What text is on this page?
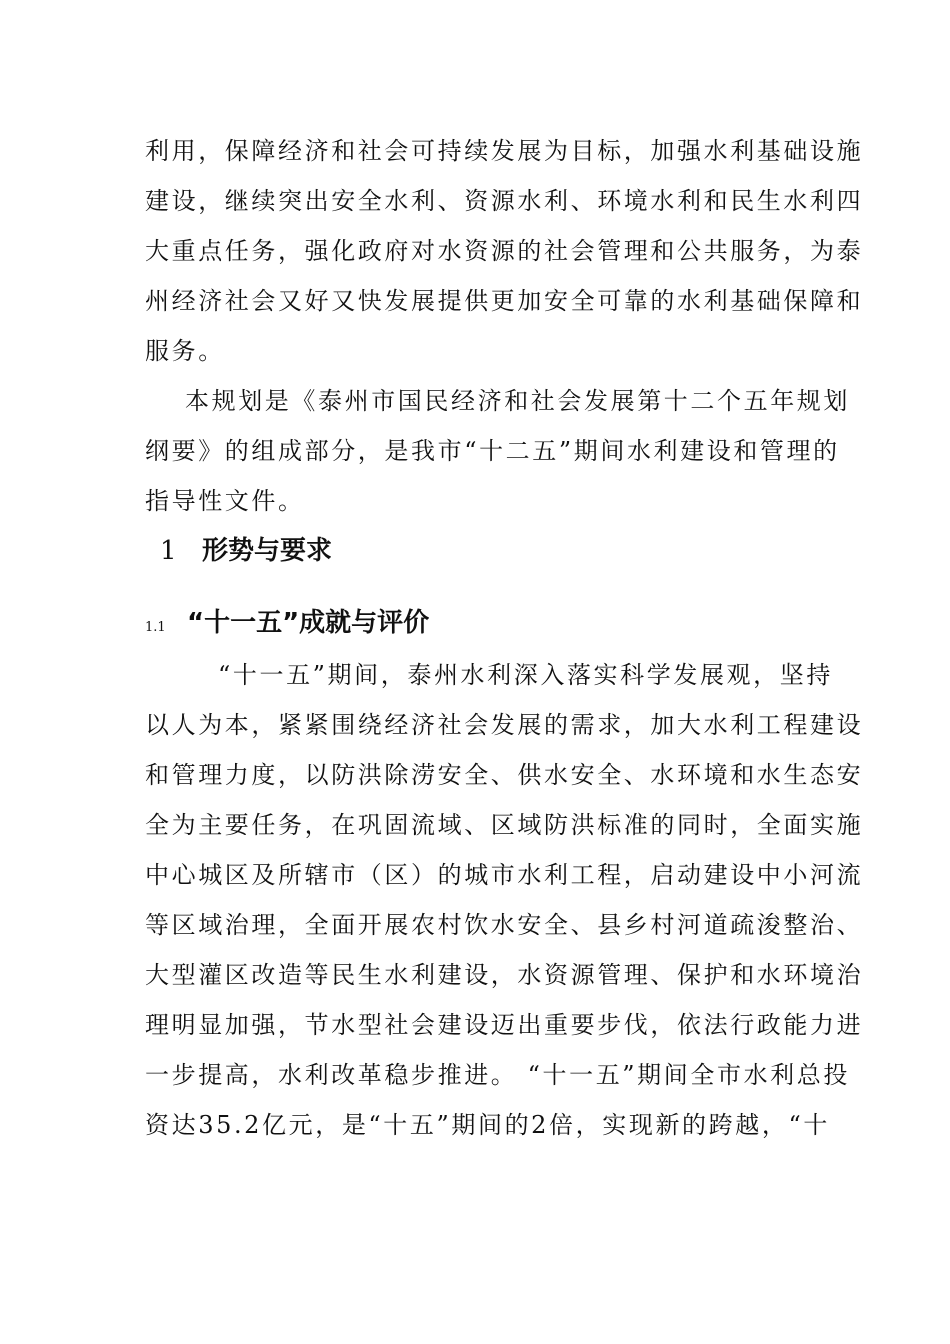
利用，保障经济和社会可持续发展为目标，加强水利基础设施
建设，继续突出安全水利、资源水利、环境水利和民生水利四
大重点任务，强化政府对水资源的社会管理和公共服务，为泰
州经济社会又好又快发展提供更加安全可靠的水利基础保障和
服务。
本规划是《泰州市国民经济和社会发展第十二个五年规划
纲要》的组成部分，是我市“十二五”期间水利建设和管理的
指导性文件。
1 形势与要求
1.1 “十一五”成就与评价
“十一五”期间，泰州水利深入落实科学发展观，坚持
以人为本，紧紧围绕经济社会发展的需求，加大水利工程建设
和管理力度，以防洪除涝安全、供水安全、水环境和水生态安
全为主要任务，在巩固流域、区域防洪标准的同时，全面实施
中心城区及所辖市（区）的城市水利工程，启动建设中小河流
等区域治理，全面开展农村饮水安全、县乡村河道疏浚整治、
大型灌区改造等民生水利建设，水资源管理、保护和水环境治
理明显加强，节水型社会建设迈出重要步伐，依法行政能力进
一步提高，水利改革稳步推进。 “十一五”期间全市水利总投
资达35.2亿元，是“十五”期间的2倍，实现新的跨越，“十
